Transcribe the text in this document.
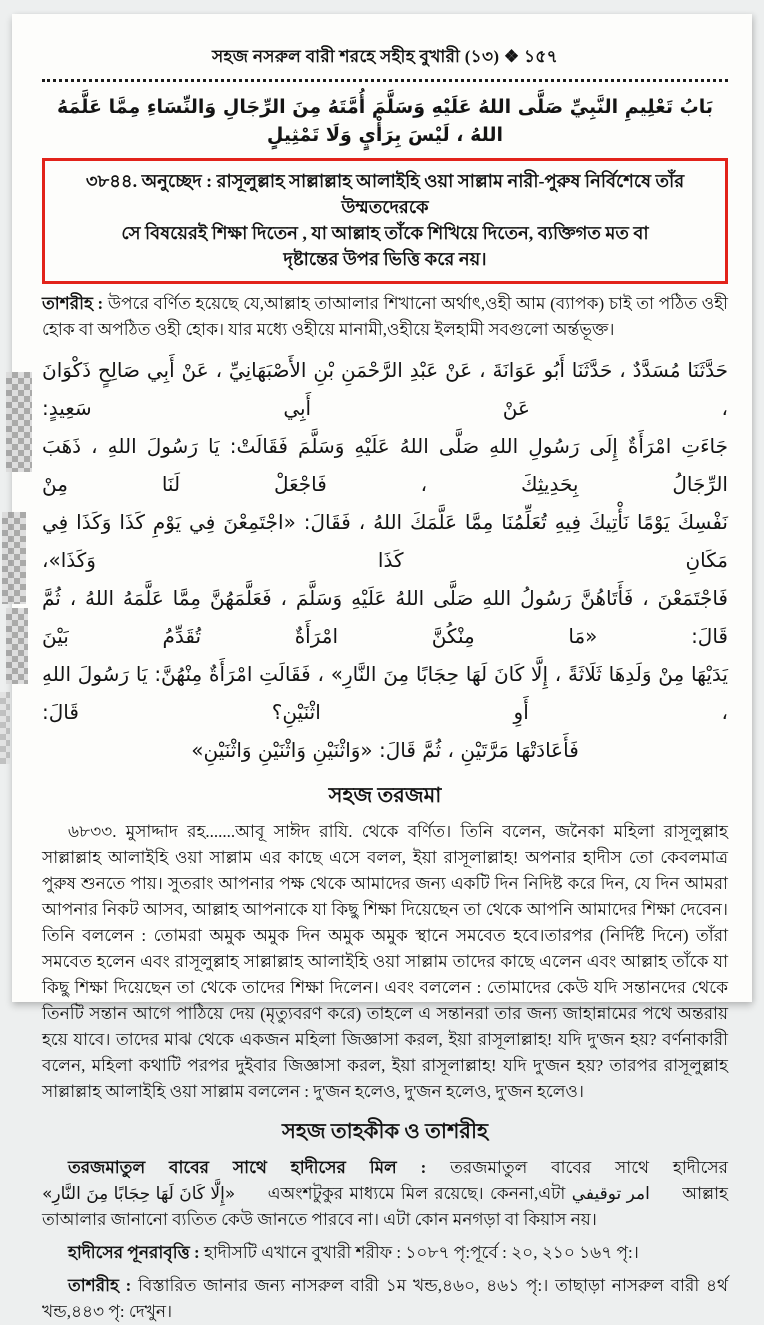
সহজ নসরুল বারী শরহে সহীহ বুখারী (১৩) ❖ ১৫৭
بَابُ تَعْلِيمِ النَّبِيِّ صَلَّى اللهُ عَلَيْهِ وَسَلَّمَ أُمَّتَهُ مِنَ الرِّجَالِ وَالنِّسَاءِ مِمَّا عَلَّمَهُ اللهُ ، لَيْسَ بِرَأْيٍ وَلَا تَمْثِيلٍ
৩৮৪৪. অনুচ্ছেদ : রাসূলুল্লাহ সাল্লাল্লাহ আলাইহি ওয়া সাল্লাম নারী-পুরুষ নির্বিশেষে তাঁর উম্মতদেরকে
সে বিষয়েরই শিক্ষা দিতেন , যা আল্লাহ তাঁকে শিখিয়ে দিতেন, ব্যক্তিগত মত বা
দৃষ্টান্তের উপর ভিত্তি করে নয়।
তাশরীহ : উপরে বর্ণিত হয়েছে যে,আল্লাহ তাআলার শিখানো অর্থাৎ,ওহী আম (ব্যাপক) চাই তা পঠিত ওহী হোক বা অপঠিত ওহী হোক। যার মধ্যে ওহীয়ে মানামী,ওহীয়ে ইলহামী সবগুলো অর্ন্তভূক্ত।
حَدَّثَنَا مُسَدَّدٌ ، حَدَّثَنَا أَبُو عَوَانَةَ ، عَنْ عَبْدِ الرَّحْمَنِ بْنِ الأَصْبَهَانِيِّ ، عَنْ أَبِي صَالِحٍ ذَكْوَانَ ، عَنْ أَبِي سَعِيدٍ:
جَاءَتِ امْرَأَةٌ إِلَى رَسُولِ اللهِ صَلَّى اللهُ عَلَيْهِ وَسَلَّمَ فَقَالَتْ: يَا رَسُولَ اللهِ ، ذَهَبَ الرِّجَالُ بِحَدِيثِكَ ، فَاجْعَلْ لَنَا مِنْ
نَفْسِكَ يَوْمًا نَأْتِيكَ فِيهِ تُعَلِّمُنَا مِمَّا عَلَّمَكَ اللهُ ، فَقَالَ: «اجْتَمِعْنَ فِي يَوْمِ كَذَا وَكَذَا فِي مَكَانِ كَذَا وَكَذَا»،
فَاجْتَمَعْنَ ، فَأَتَاهُنَّ رَسُولُ اللهِ صَلَّى اللهُ عَلَيْهِ وَسَلَّمَ ، فَعَلَّمَهُنَّ مِمَّا عَلَّمَهُ اللهُ ، ثُمَّ قَالَ: «مَا مِنْكُنَّ امْرَأَةٌ تُقَدِّمُ بَيْنَ
يَدَيْهَا مِنْ وَلَدِهَا ثَلَاثَةً ، إِلَّا كَانَ لَهَا حِجَابًا مِنَ النَّارِ» ، فَقَالَتِ امْرَأَةٌ مِنْهُنَّ: يَا رَسُولَ اللهِ ، أَوِ اثْنَيْنِ؟ قَالَ:
فَأَعَادَتْهَا مَرَّتَيْنِ ، ثُمَّ قَالَ: «وَاثْنَيْنِ وَاثْنَيْنِ وَاثْنَيْنِ»
সহজ তরজমা
৬৮৩৩. মুসাদ্দাদ রহ.......আবূ সাঈদ রাযি. থেকে বর্ণিত। তিনি বলেন, জনৈকা মহিলা রাসূলুল্লাহ সাল্লাল্লাহ আলাইহি ওয়া সাল্লাম এর কাছে এসে বলল, ইয়া রাসূলাল্লাহ! অপনার হাদীস তো কেবলমাত্র পুরুষ শুনতে পায়। সুতরাং আপনার পক্ষ থেকে আমাদের জন্য একটি দিন নিদিষ্ট করে দিন, যে দিন আমরা আপনার নিকট আসব, আল্লাহ আপনাকে যা কিছু শিক্ষা দিয়েছেন তা থেকে আপনি আমাদের শিক্ষা দেবেন। তিনি বললেন : তোমরা অমুক অমুক দিন অমুক অমুক স্থানে সমবেত হবে।তারপর (নির্দিষ্ট দিনে) তাঁরা সমবেত হলেন এবং রাসূলুল্লাহ সাল্লাল্লাহ আলাইহি ওয়া সাল্লাম তাদের কাছে এলেন এবং আল্লাহ তাঁকে যা কিছু শিক্ষা দিয়েছেন তা থেকে তাদের শিক্ষা দিলেন। এবং বললেন : তোমাদের কেউ যদি সন্তানদের থেকে তিনটি সন্তান আগে পাঠিয়ে দেয় (মৃত্যুবরণ করে) তাহলে এ সন্তানরা তার জন্য জাহান্নামের পথে অন্তরায় হয়ে যাবে। তাদের মাঝ থেকে একজন মহিলা জিজ্ঞাসা করল, ইয়া রাসূলাল্লাহ! যদি দু'জন হয়? বর্ণনাকারী বলেন, মহিলা কথাটি পরপর দুইবার জিজ্ঞাসা করল, ইয়া রাসূলাল্লাহ! যদি দু'জন হয়? তারপর রাসূলুল্লাহ সাল্লাল্লাহ আলাইহি ওয়া সাল্লাম বললেন : দু'জন হলেও, দু'জন হলেও, দু'জন হলেও।
সহজ তাহকীক ও তাশরীহ
তরজমাতুল বাবের সাথে হাদীসের মিল : তরজমাতুল বাবের সাথে হাদীসের «إِلَّا كَانَ لَهَا حِجَابًا مِنَ النَّارِ» এঅংশটুকুর মাধ্যমে মিল রয়েছে। কেননা,এটা امر توقيفي আল্লাহ তাআলার জানানো ব্যতিত কেউ জানতে পারবে না। এটা কোন মনগড়া বা কিয়াস নয়।
হাদীসের পূনরাবৃত্তি : হাদীসটি এখানে বুখারী শরীফ : ১০৮৭ পৃ:পূর্বে : ২০, ২১০ ১৬৭ পৃ:।
তাশরীহ : বিস্তারিত জানার জন্য নাসরুল বারী ১ম খন্ড,৪৬০, ৪৬১ পৃ:। তাছাড়া নাসরুল বারী ৪র্থ খন্ড,৪৪৩ পৃ: দেখুন।
